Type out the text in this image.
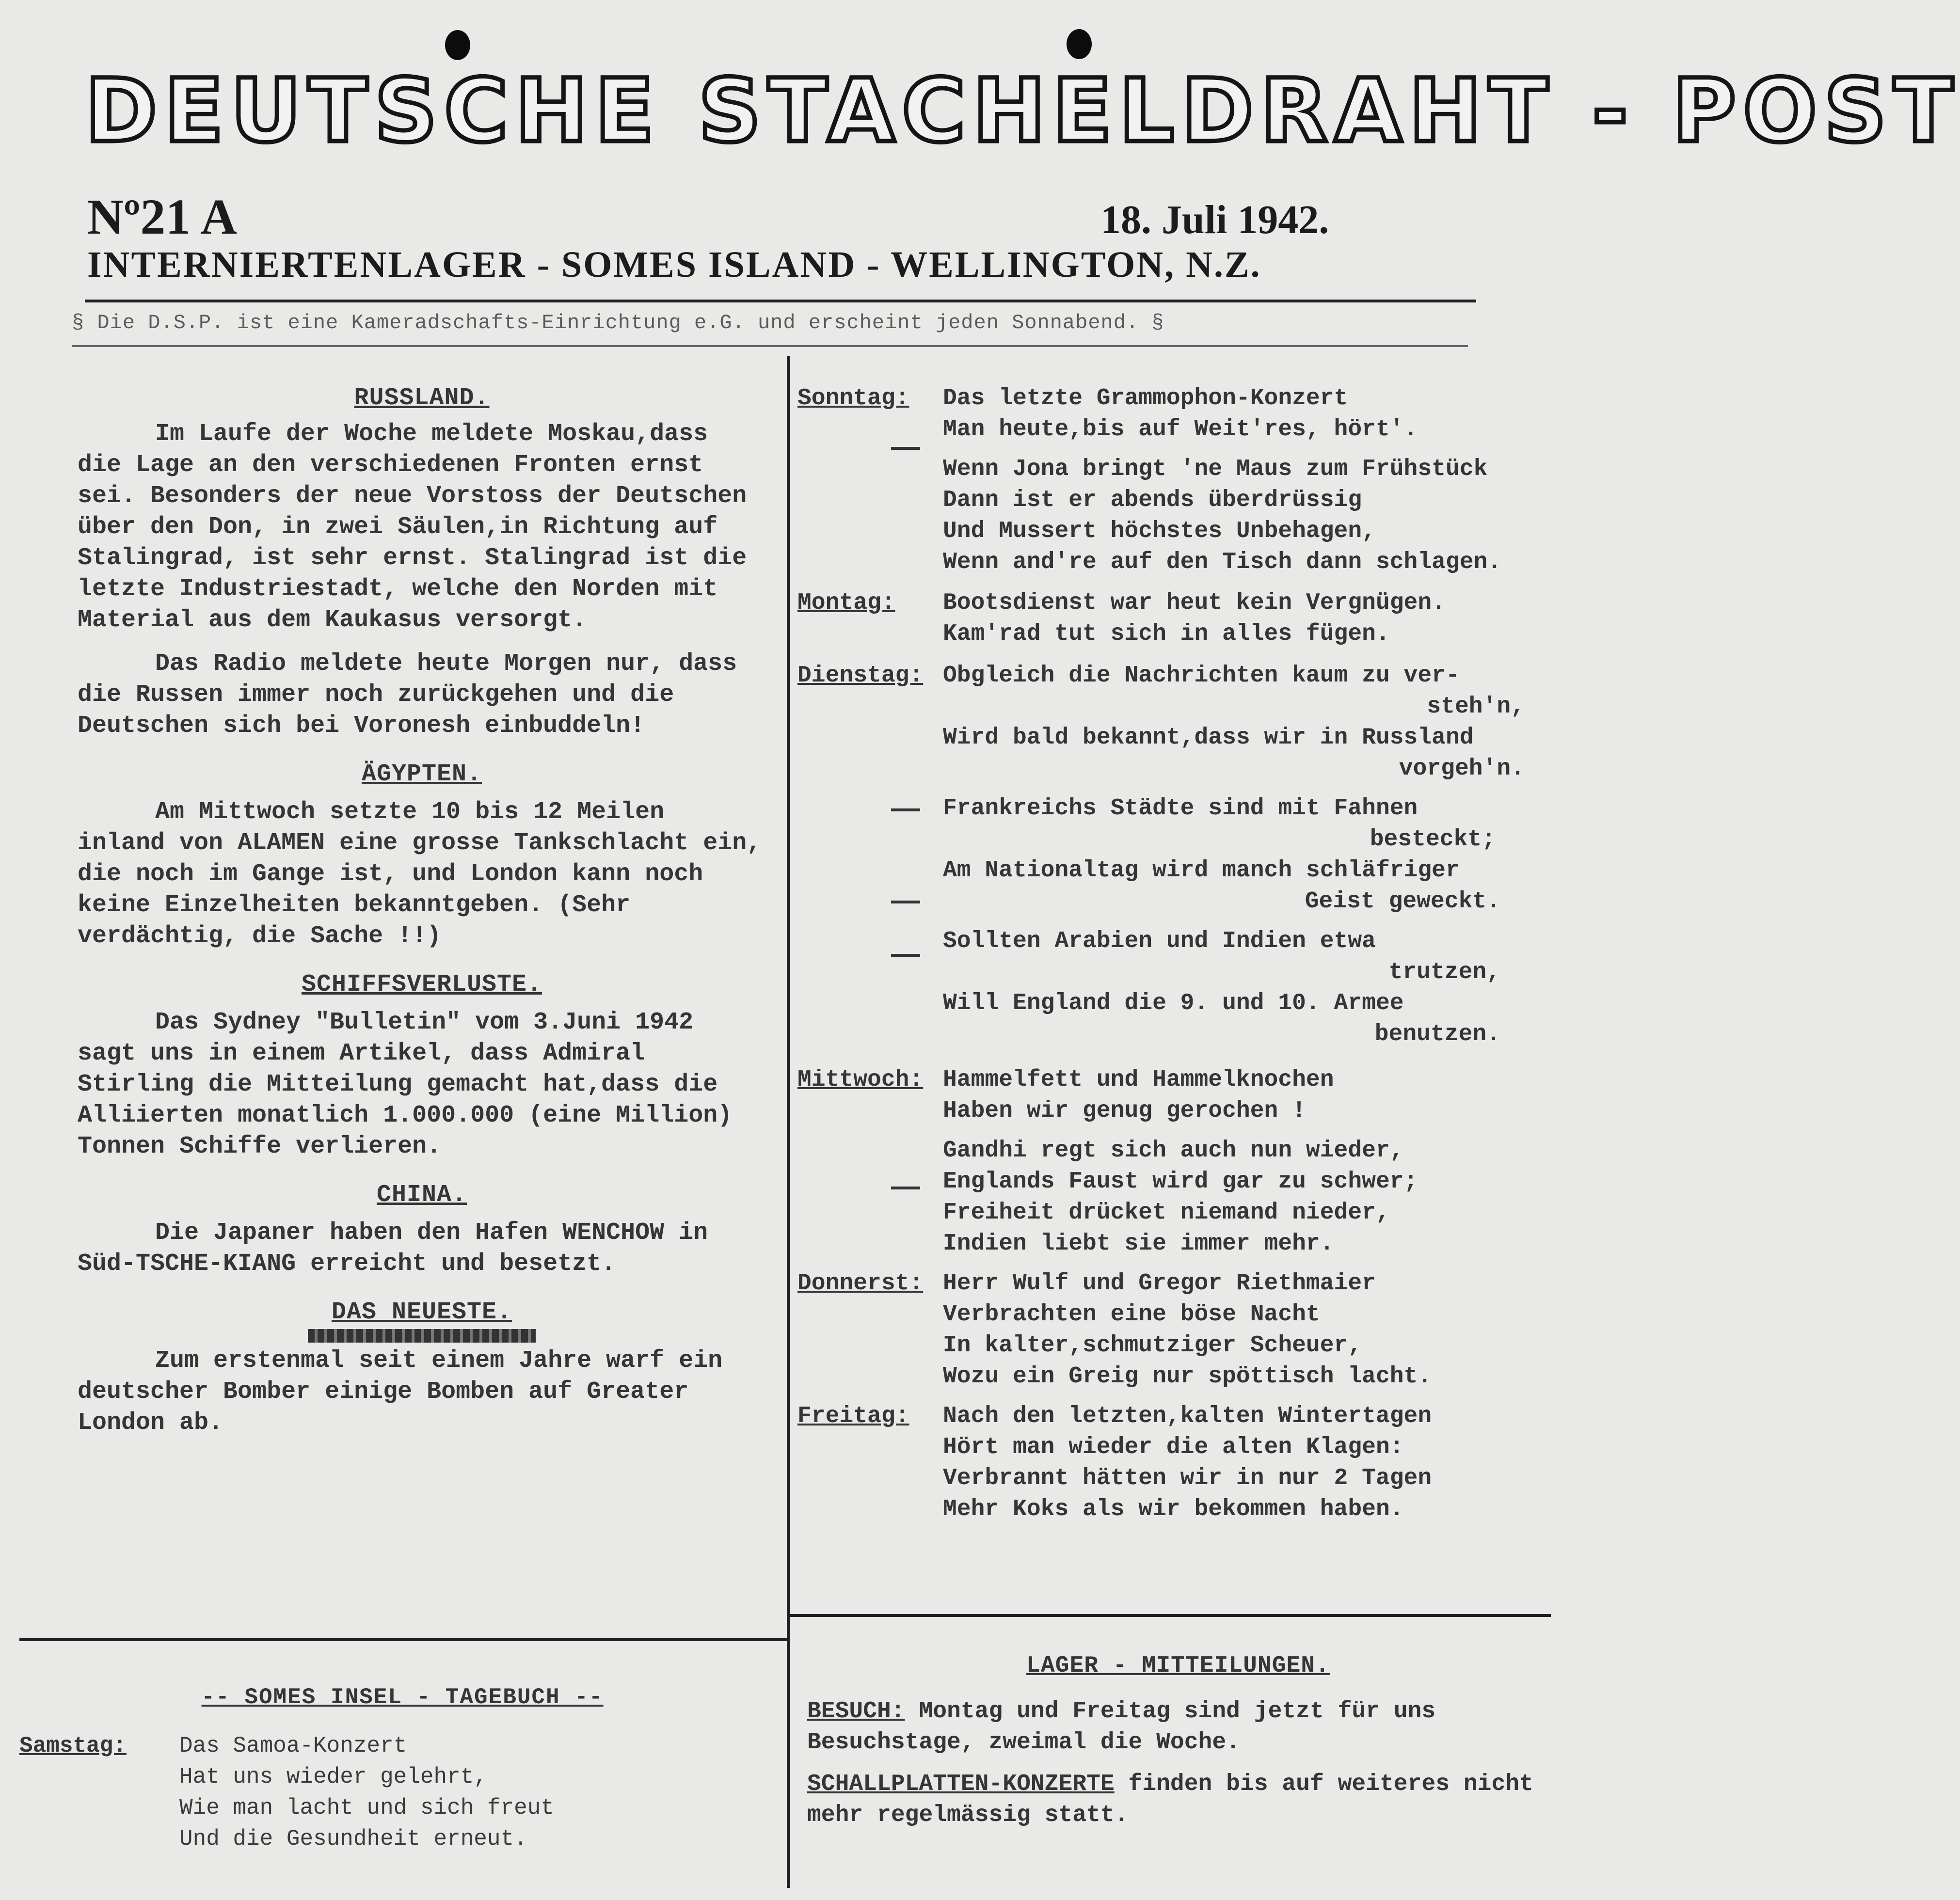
DEUTSCHE STACHELDRAHT - POST
Nº21 A	18. Juli 1942.
INTERNIERTENLAGER - SOMES ISLAND - WELLINGTON, N.Z.
§ Die D.S.P. ist eine Kameradschafts-Einrichtung e.G. und erscheint jeden Sonnabend. §

RUSSLAND.

Im Laufe der Woche meldete Moskau,dass die Lage an den verschiedenen Fronten ernst sei. Besonders der neue Vorstoss der Deutschen über den Don, in zwei Säulen,in Richtung auf Stalingrad, ist sehr ernst. Stalingrad ist die letzte Industriestadt, welche den Norden mit Material aus dem Kaukasus versorgt.

Das Radio meldete heute Morgen nur, dass die Russen immer noch zurückgehen und die Deutschen sich bei Voronesh einbuddeln!

ÄGYPTEN.

Am Mittwoch setzte 10 bis 12 Meilen inland von ALAMEN eine grosse Tankschlacht ein, die noch im Gange ist, und London kann noch keine Einzelheiten bekanntgeben. (Sehr verdächtig, die Sache !!)

SCHIFFSVERLUSTE.

Das Sydney "Bulletin" vom 3.Juni 1942 sagt uns in einem Artikel, dass Admiral Stirling die Mitteilung gemacht hat,dass die Alliierten monatlich 1.000.000 (eine Million) Tonnen Schiffe verlieren.

CHINA.

Die Japaner haben den Hafen WENCHOW in Süd-TSCHE-KIANG erreicht und besetzt.

DAS NEUESTE.

Zum erstenmal seit einem Jahre warf ein deutscher Bomber einige Bomben auf Greater London ab.

Sonntag:	Das letzte Grammophon-Konzert

Man heute,bis auf Weit'res, hört'.

Wenn Jona bringt 'ne Maus zum Frühstück

Dann ist er abends überdrüssig

Und Mussert höchstes Unbehagen,

Wenn and're auf den Tisch dann schlagen.

Montag:	Bootsdienst war heut kein Vergnügen.

Kam'rad tut sich in alles fügen.

Dienstag: Obgleich die Nachrichten kaum zu ver-

steh'n,

Wird bald bekannt,dass wir in Russland

vorgeh'n.

Frankreichs Städte sind mit Fahnen

besteckt;

Am Nationaltag wird manch schläfriger

Geist geweckt.

Sollten Arabien und Indien etwa

trutzen,

Will England die 9. und 10. Armee

benutzen.

Mittwoch: Hammelfett und Hammelknochen

Haben wir genug gerochen !

Gandhi regt sich auch nun wieder,

Englands Faust wird gar zu schwer;

Freiheit drücket niemand nieder,

Indien liebt sie immer mehr.

Donnerst: Herr Wulf und Gregor Riethmaier

Verbrachten eine böse Nacht

In kalter,schmutziger Scheuer,

Wozu ein Greig nur spöttisch lacht.

Freitag:	Nach den letzten,kalten Wintertagen

Hört man wieder die alten Klagen:

Verbrannt hätten wir in nur 2 Tagen

Mehr Koks als wir bekommen haben.

-- SOMES INSEL - TAGEBUCH --

Samstag:	Das Samoa-Konzert

Hat uns wieder gelehrt,

Wie man lacht und sich freut

Und die Gesundheit erneut.

LAGER - MITTEILUNGEN.

BESUCH: Montag und Freitag sind jetzt für uns Besuchstage, zweimal die Woche.

SCHALLPLATTEN-KONZERTE finden bis auf weiteres nicht mehr regelmässig statt.
